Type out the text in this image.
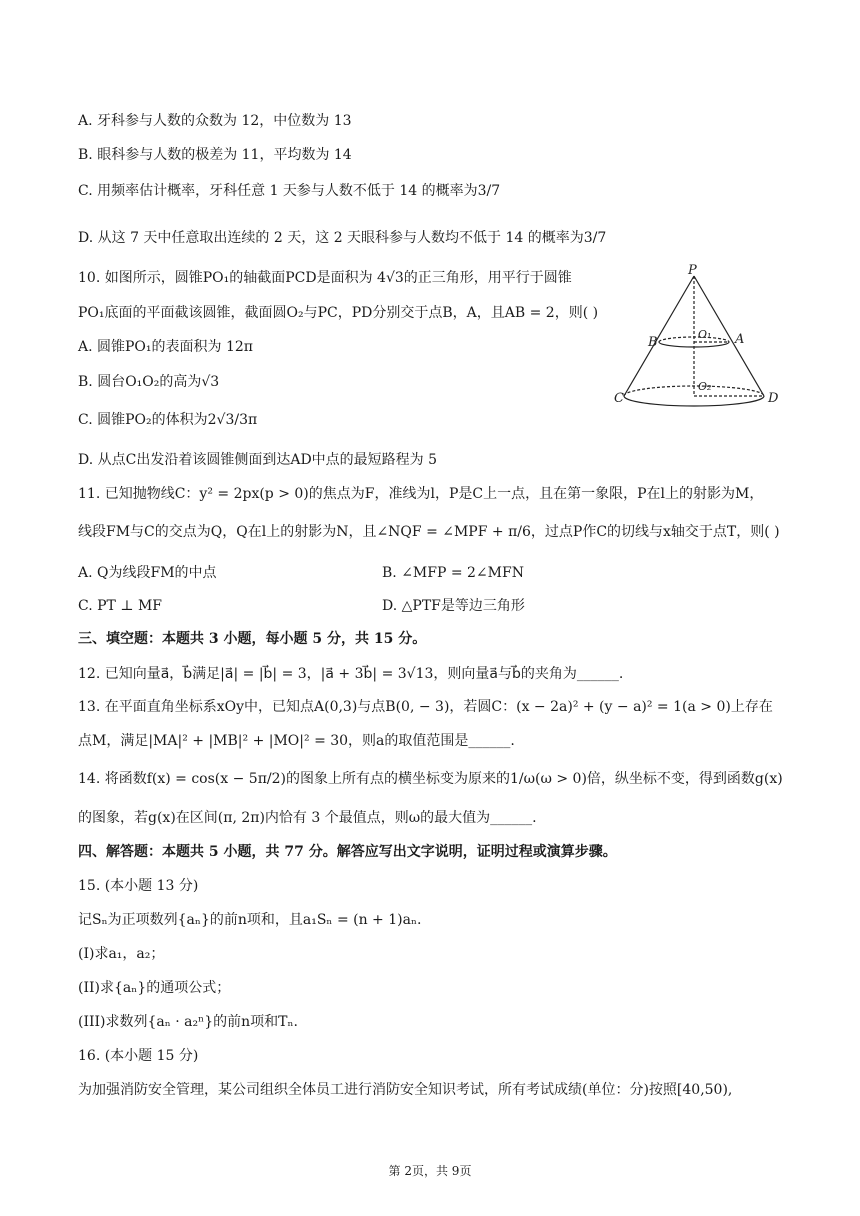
A. 牙科参与人数的众数为 12，中位数为 13
B. 眼科参与人数的极差为 11，平均数为 14
C. 用频率估计概率，牙科任意 1 天参与人数不低于 14 的概率为3/7
D. 从这 7 天中任意取出连续的 2 天，这 2 天眼科参与人数均不低于 14 的概率为3/7
10. 如图所示，圆锥PO₁的轴截面PCD是面积为 4√3的正三角形，用平行于圆锥
PO₁底面的平面截该圆锥，截面圆O₂与PC，PD分别交于点B，A，且AB = 2，则( )
A. 圆锥PO₁的表面积为 12π
B. 圆台O₁O₂的高为√3
C. 圆锥PO₂的体积为2√3/3π
D. 从点C出发沿着该圆锥侧面到达AD中点的最短路程为 5
P
B	A
O₁
O₂
C	D
11. 已知抛物线C：y² = 2px(p > 0)的焦点为F，准线为l，P是C上一点，且在第一象限，P在l上的射影为M，
线段FM与C的交点为Q，Q在l上的射影为N，且∠NQF = ∠MPF + π/6，过点P作C的切线与x轴交于点T，则( )
A. Q为线段FM的中点	B. ∠MFP = 2∠MFN
C. PT ⊥ MF	D. △PTF是等边三角形
三、填空题：本题共 3 小题，每小题 5 分，共 15 分。
12. 已知向量a⃗，b⃗满足|a⃗| = |b⃗| = 3，|a⃗ + 3b⃗| = 3√13，则向量a⃗与b⃗的夹角为______.
13. 在平面直角坐标系xOy中，已知点A(0,3)与点B(0, − 3)，若圆C：(x − 2a)² + (y − a)² = 1(a > 0)上存在
点M，满足|MA|² + |MB|² + |MO|² = 30，则a的取值范围是______.
14. 将函数f(x) = cos(x − 5π/2)的图象上所有点的横坐标变为原来的1/ω(ω > 0)倍，纵坐标不变，得到函数g(x)
的图象，若g(x)在区间(π, 2π)内恰有 3 个最值点，则ω的最大值为______.
四、解答题：本题共 5 小题，共 77 分。解答应写出文字说明，证明过程或演算步骤。
15. (本小题 13 分)
记Sₙ为正项数列{aₙ}的前n项和，且a₁Sₙ = (n + 1)aₙ.
(I)求a₁，a₂；
(II)求{aₙ}的通项公式；
(III)求数列{aₙ · a₂ⁿ}的前n项和Tₙ.
16. (本小题 15 分)
为加强消防安全管理，某公司组织全体员工进行消防安全知识考试，所有考试成绩(单位：分)按照[40,50),
第 2页，共 9页
